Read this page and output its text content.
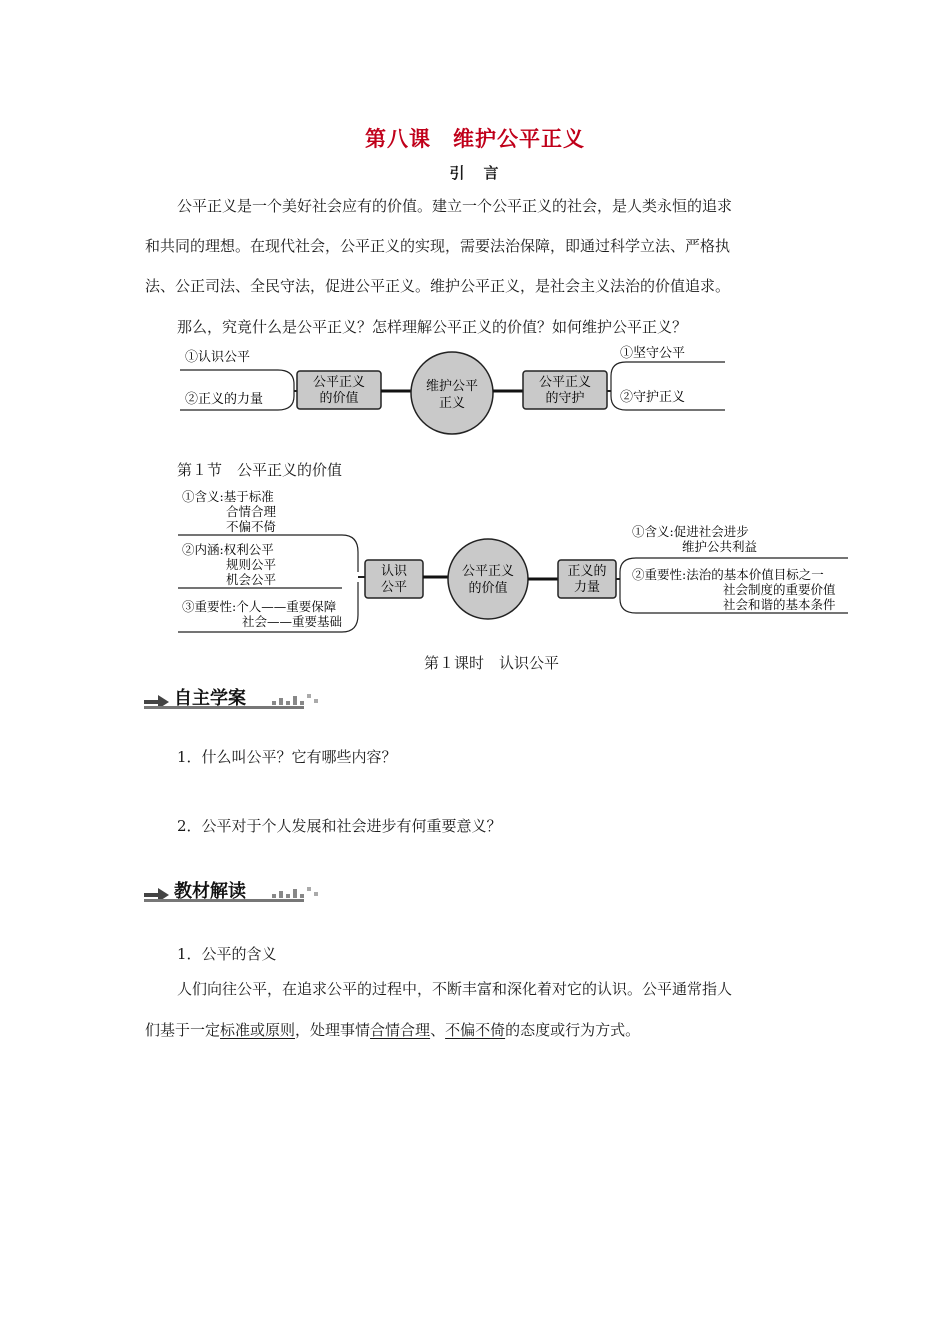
第八课　维护公平正义
引　言

公平正义是一个美好社会应有的价值。建立一个公平正义的社会，是人类永恒的追求

和共同的理想。在现代社会，公平正义的实现，需要法治保障，即通过科学立法、严格执

法、公正司法、全民守法，促进公平正义。维护公平正义，是社会主义法治的价值追求。

那么，究竟什么是公平正义？怎样理解公平正义的价值？如何维护公平正义？
公平正义
的价值
维护公平
正义
公平正义
的守护
①认识公平
②正义的力量
①坚守公平
②守护正义
第１节　公平正义的价值
认识
公平
公平正义
的价值
正义的
力量
①含义:基于标准
合情合理
不偏不倚
②内涵:权利公平
规则公平
机会公平
③重要性:个人——重要保障
社会——重要基础
①含义:促进社会进步
维护公共利益
②重要性:法治的基本价值目标之一
社会制度的重要价值
社会和谐的基本条件
第１课时　认识公平
自主学案
1．什么叫公平？它有哪些内容？
2．公平对于个人发展和社会进步有何重要意义？
教材解读
1．公平的含义
人们向往公平，在追求公平的过程中，不断丰富和深化着对它的认识。公平通常指人
们基于一定标准或原则，处理事情合情合理、不偏不倚的态度或行为方式。
